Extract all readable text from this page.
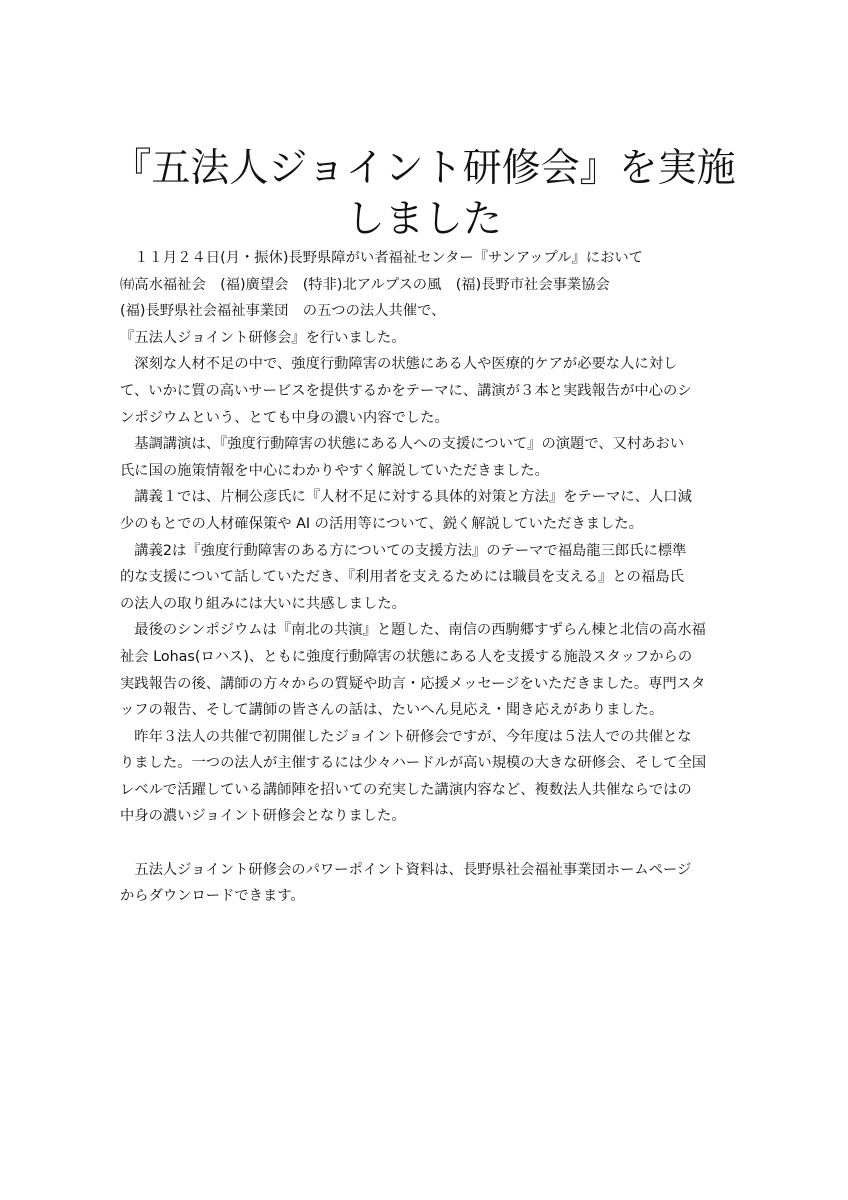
『五法人ジョイント研修会』を実施
しました
　１１月２４日(月・振休)長野県障がい者福祉センター『サンアップル』において
㈲高水福祉会　(福)廣望会　(特非)北アルプスの風　(福)長野市社会事業協会
(福)長野県社会福祉事業団　の五つの法人共催で、
『五法人ジョイント研修会』を行いました。
　深刻な人材不足の中で、強度行動障害の状態にある人や医療的ケアが必要な人に対し
て、いかに質の高いサービスを提供するかをテーマに、講演が３本と実践報告が中心のシ
ンポジウムという、とても中身の濃い内容でした。
　基調講演は、『強度行動障害の状態にある人への支援について』の演題で、又村あおい
氏に国の施策情報を中心にわかりやすく解説していただきました。
　講義１では、片桐公彦氏に『人材不足に対する具体的対策と方法』をテーマに、人口減
少のもとでの人材確保策や AI の活用等について、鋭く解説していただきました。
　講義2は『強度行動障害のある方についての支援方法』のテーマで福島龍三郎氏に標準
的な支援について話していただき、『利用者を支えるためには職員を支える』との福島氏
の法人の取り組みには大いに共感しました。
　最後のシンポジウムは『南北の共演』と題した、南信の西駒郷すずらん棟と北信の高水福
祉会 Lohas(ロハス)、ともに強度行動障害の状態にある人を支援する施設スタッフからの
実践報告の後、講師の方々からの質疑や助言・応援メッセージをいただきました。専門スタ
ッフの報告、そして講師の皆さんの話は、たいへん見応え・聞き応えがありました。
　昨年３法人の共催で初開催したジョイント研修会ですが、今年度は５法人での共催とな
りました。一つの法人が主催するには少々ハードルが高い規模の大きな研修会、そして全国
レベルで活躍している講師陣を招いての充実した講演内容など、複数法人共催ならではの
中身の濃いジョイント研修会となりました。
　五法人ジョイント研修会のパワーポイント資料は、長野県社会福祉事業団ホームページ
からダウンロードできます。
